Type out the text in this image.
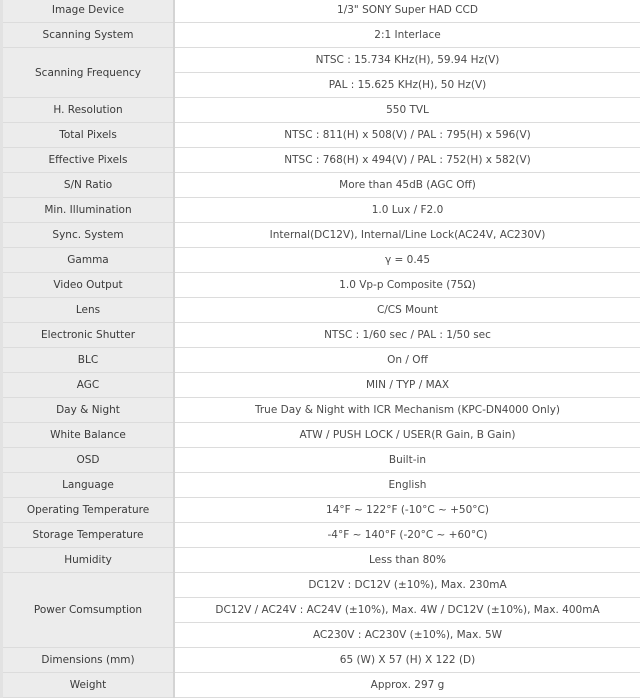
Image Device	1/3" SONY Super HAD CCD
Scanning System	2:1 Interlace
Scanning Frequency	NTSC : 15.734 KHz(H), 59.94 Hz(V)
	PAL : 15.625 KHz(H), 50 Hz(V)
H. Resolution	550 TVL
Total Pixels	NTSC : 811(H) x 508(V) / PAL : 795(H) x 596(V)
Effective Pixels	NTSC : 768(H) x 494(V) / PAL : 752(H) x 582(V)
S/N Ratio	More than 45dB (AGC Off)
Min. Illumination	1.0 Lux / F2.0
Sync. System	Internal(DC12V), Internal/Line Lock(AC24V, AC230V)
Gamma	γ = 0.45
Video Output	1.0 Vp-p Composite (75Ω)
Lens	C/CS Mount
Electronic Shutter	NTSC : 1/60 sec / PAL : 1/50 sec
BLC	On / Off
AGC	MIN / TYP / MAX
Day & Night	True Day & Night with ICR Mechanism (KPC-DN4000 Only)
White Balance	ATW / PUSH LOCK / USER(R Gain, B Gain)
OSD	Built-in
Language	English
Operating Temperature	14°F ~ 122°F (-10°C ~ +50°C)
Storage Temperature	-4°F ~ 140°F (-20°C ~ +60°C)
Humidity	Less than 80%
Power Comsumption	DC12V : DC12V (±10%), Max. 230mA
	DC12V / AC24V : AC24V (±10%), Max. 4W / DC12V (±10%), Max. 400mA
	AC230V : AC230V (±10%), Max. 5W
Dimensions (mm)	65 (W) X 57 (H) X 122 (D)
Weight	Approx. 297 g
